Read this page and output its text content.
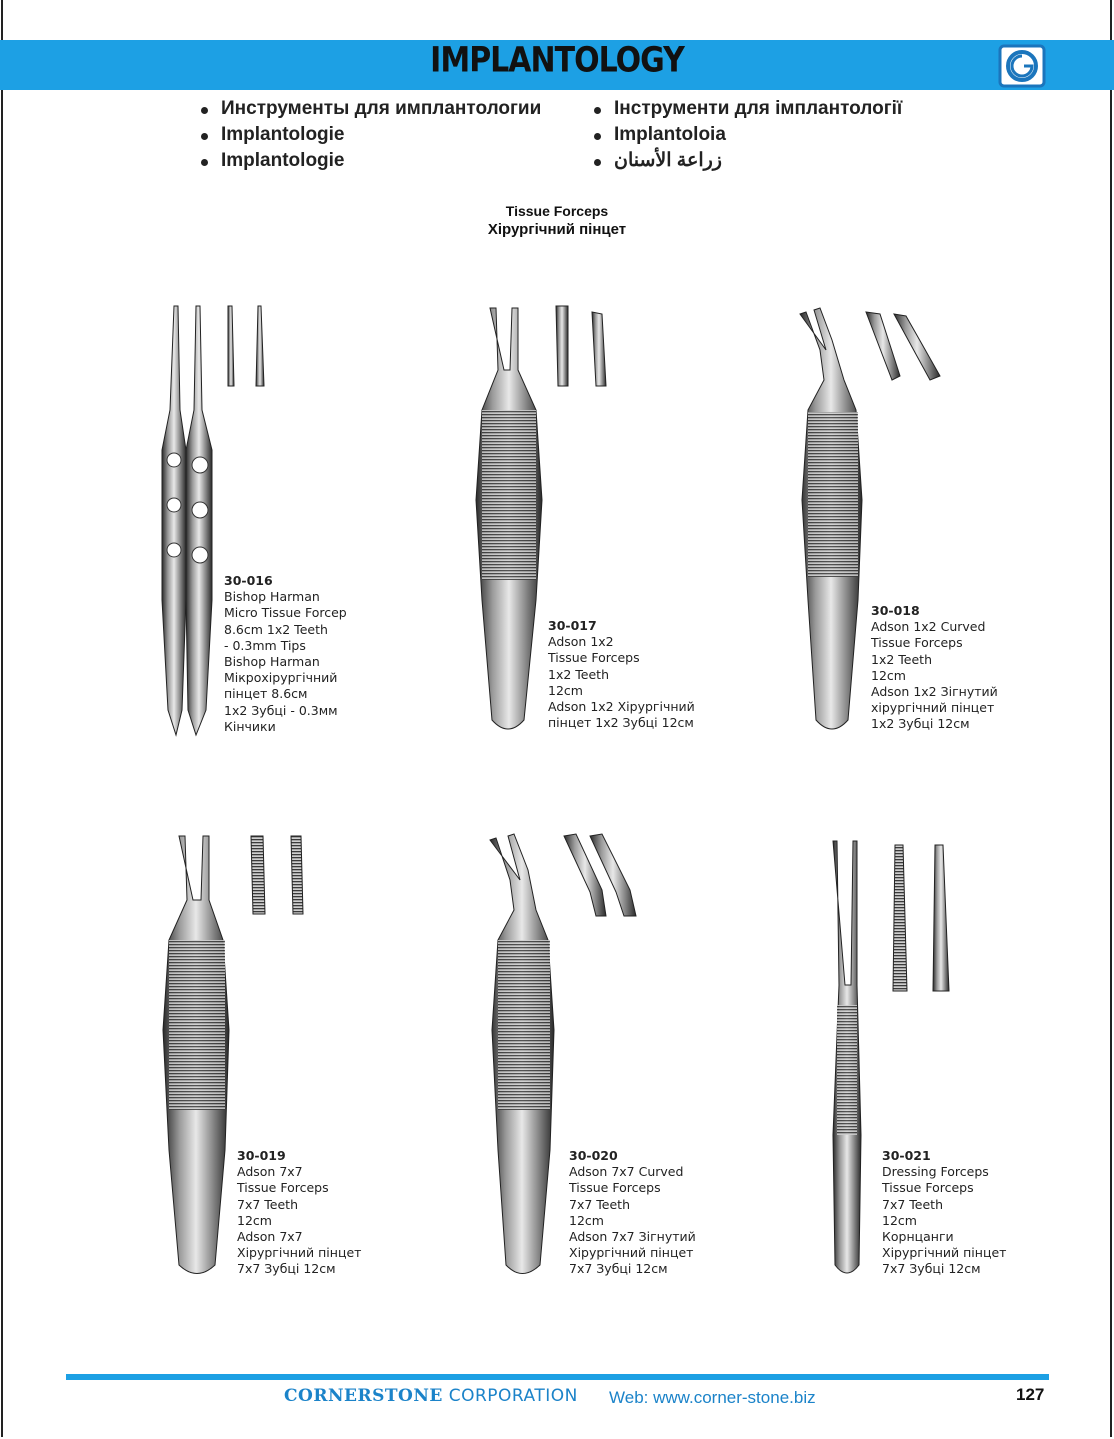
IMPLANTOLOGY
Инструменты для имплантологии
Implantologie
Implantologie
Інструменти для імплантології
Implantoloia
زراعة الأسنان
Tissue Forceps
Хірургічний пінцет
30-016
Bishop Harman
Micro Tissue Forcep
8.6cm 1x2 Teeth
- 0.3mm Tips
Bishop Harman
Мікрохірургічний
пінцет 8.6см
1x2 Зубці - 0.3мм
Кінчики
30-017
Adson 1x2
Tissue Forceps
1x2 Teeth
12cm
Adson 1x2 Хірургічний
пінцет 1x2 Зубці 12см
30-018
Adson 1x2 Curved
Tissue Forceps
1x2 Teeth
12cm
Adson 1x2 Зігнутий
хірургічний пінцет
1x2 Зубці 12см
30-019
Adson 7x7
Tissue Forceps
7x7 Teeth
12cm
Adson 7x7
Хірургічний пінцет
7x7 Зубці 12см
30-020
Adson 7x7 Curved
Tissue Forceps
7x7 Teeth
12cm
Adson 7x7 Зігнутий
Хірургічний пінцет
7x7 Зубці 12см
30-021
Dressing Forceps
Tissue Forceps
7x7 Teeth
12cm
Корнцанги
Хірургічний пінцет
7x7 Зубці 12см
CORNERSTONE CORPORATION Web: www.corner-stone.biz	127
